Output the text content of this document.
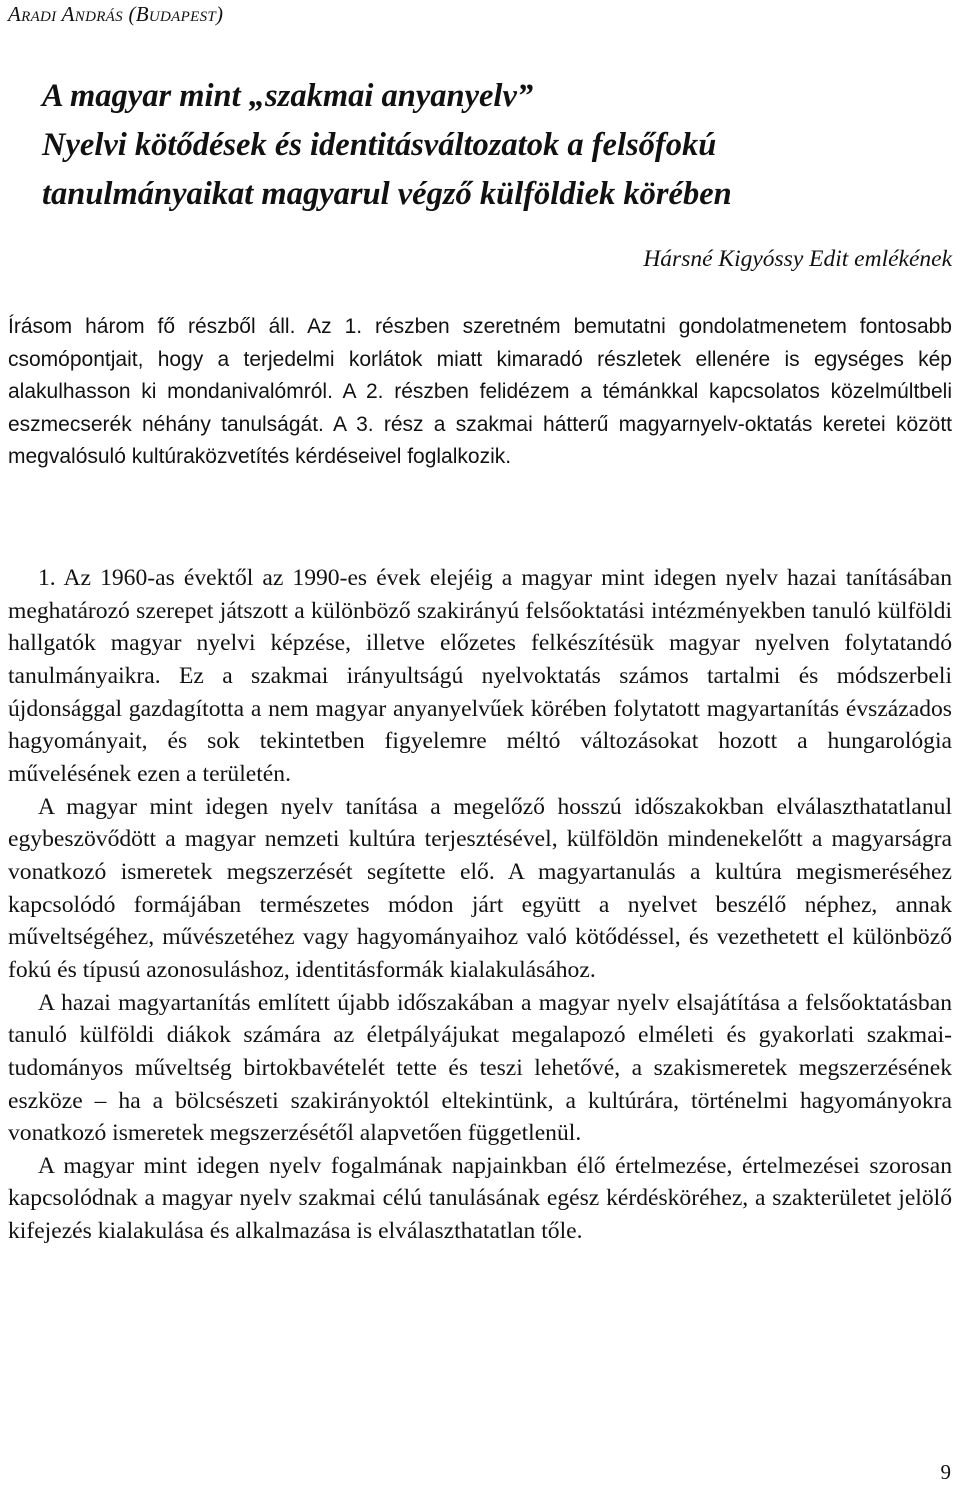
Aradi András (Budapest)

A magyar mint „szakmai anyanyelv”
Nyelvi kötődések és identitásváltozatok a felsőfokú
tanulmányaikat magyarul végző külföldiek körében

Hársné Kigyóssy Edit emlékének

Írásom három fő részből áll. Az 1. részben szeretném bemutatni gondolatmenetem fontosabb csomópontjait, hogy a terjedelmi korlátok miatt kimaradó részletek ellenére is egységes kép alakulhasson ki mondanivalómról. A 2. részben felidézem a témánkkal kapcsolatos közelmúltbeli eszmecserék néhány tanulságát. A 3. rész a szakmai hátterű magyarnyelv-oktatás keretei között megvalósuló kultúraközvetítés kérdéseivel foglalkozik.

1. Az 1960-as évektől az 1990-es évek elejéig a magyar mint idegen nyelv hazai tanításában meghatározó szerepet játszott a különböző szakirányú felsőoktatási intézményekben tanuló külföldi hallgatók magyar nyelvi képzése, illetve előzetes felkészítésük magyar nyelven folytatandó tanulmányaikra. Ez a szakmai irányultságú nyelvoktatás számos tartalmi és módszerbeli újdonsággal gazdagította a nem magyar anyanyelvűek körében folytatott magyartanítás évszázados hagyományait, és sok tekintetben figyelemre méltó változásokat hozott a hungarológia művelésének ezen a területén.

A magyar mint idegen nyelv tanítása a megelőző hosszú időszakokban elválaszthatatlanul egybeszövődött a magyar nemzeti kultúra terjesztésével, külföldön mindenekelőtt a magyarságra vonatkozó ismeretek megszerzését segítette elő. A magyartanulás a kultúra megismeréséhez kapcsolódó formájában természetes módon járt együtt a nyelvet beszélő néphez, annak műveltségéhez, művészetéhez vagy hagyományaihoz való kötődéssel, és vezethetett el különböző fokú és típusú azonosuláshoz, identitásformák kialakulásához.

A hazai magyartanítás említett újabb időszakában a magyar nyelv elsajátítása a felsőoktatásban tanuló külföldi diákok számára az életpályájukat megalapozó elméleti és gyakorlati szakmai-tudományos műveltség birtokbavételét tette és teszi lehetővé, a szakismeretek megszerzésének eszköze – ha a bölcsészeti szakirányoktól eltekintünk, a kultúrára, történelmi hagyományokra vonatkozó ismeretek megszerzésétől alapvetően függetlenül.

A magyar mint idegen nyelv fogalmának napjainkban élő értelmezése, értelmezései szorosan kapcsolódnak a magyar nyelv szakmai célú tanulásának egész kérdésköréhez, a szakterületet jelölő kifejezés kialakulása és alkalmazása is elválaszthatatlan tőle.

9
